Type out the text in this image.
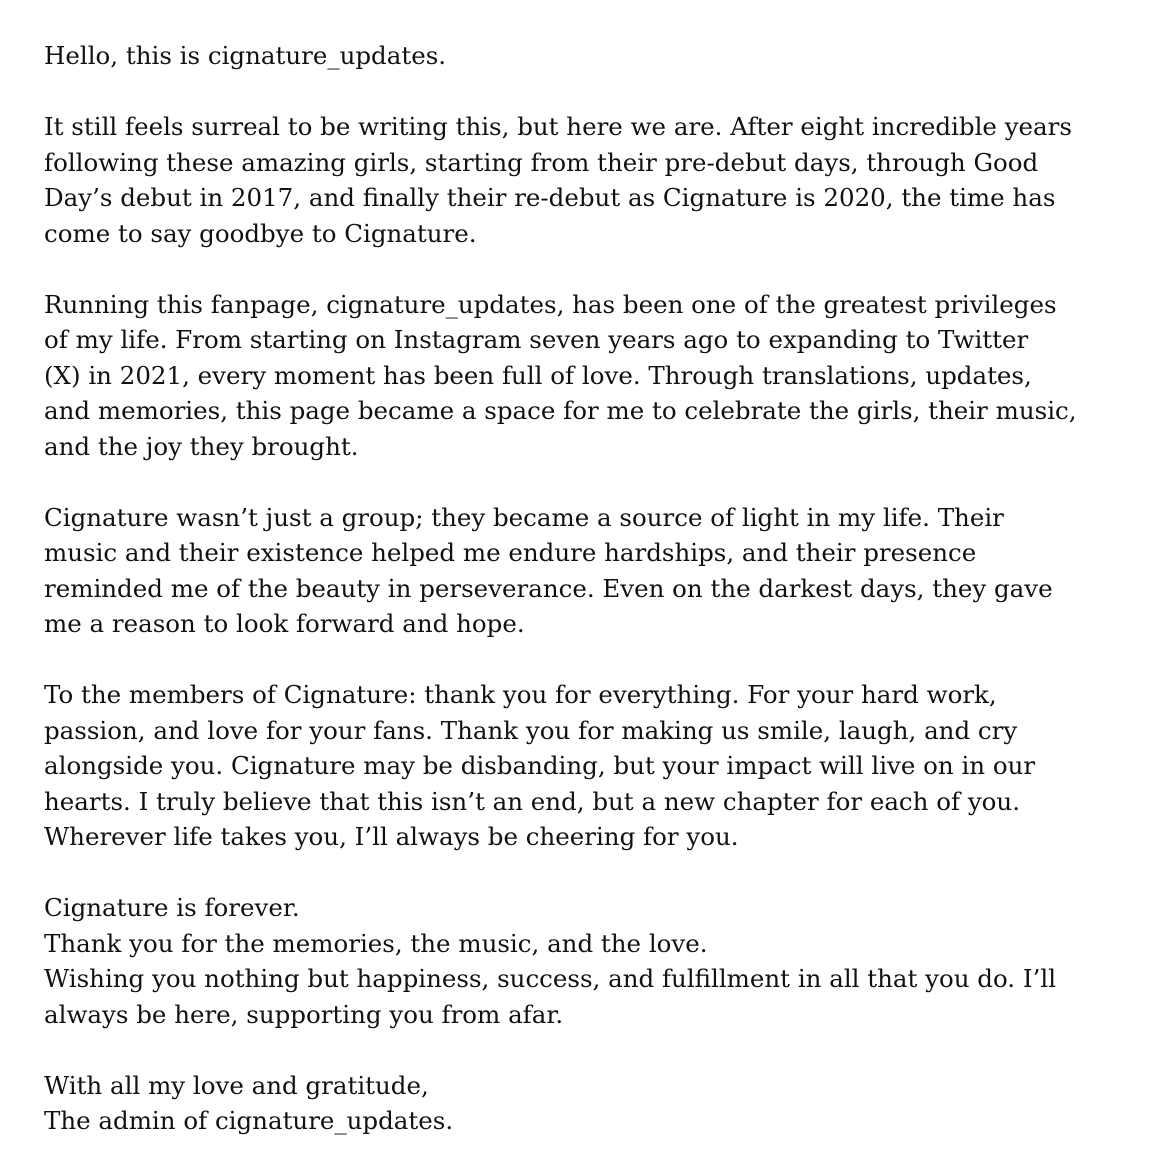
Hello, this is cignature_updates.

It still feels surreal to be writing this, but here we are. After eight incredible years
following these amazing girls, starting from their pre-debut days, through Good
Day’s debut in 2017, and finally their re-debut as Cignature is 2020, the time has
come to say goodbye to Cignature.

Running this fanpage, cignature_updates, has been one of the greatest privileges
of my life. From starting on Instagram seven years ago to expanding to Twitter
(X) in 2021, every moment has been full of love. Through translations, updates,
and memories, this page became a space for me to celebrate the girls, their music,
and the joy they brought.

Cignature wasn’t just a group; they became a source of light in my life. Their
music and their existence helped me endure hardships, and their presence
reminded me of the beauty in perseverance. Even on the darkest days, they gave
me a reason to look forward and hope.

To the members of Cignature: thank you for everything. For your hard work,
passion, and love for your fans. Thank you for making us smile, laugh, and cry
alongside you. Cignature may be disbanding, but your impact will live on in our
hearts. I truly believe that this isn’t an end, but a new chapter for each of you.
Wherever life takes you, I’ll always be cheering for you.

Cignature is forever.
Thank you for the memories, the music, and the love.
Wishing you nothing but happiness, success, and fulfillment in all that you do. I’ll
always be here, supporting you from afar.

With all my love and gratitude,
The admin of cignature_updates.
